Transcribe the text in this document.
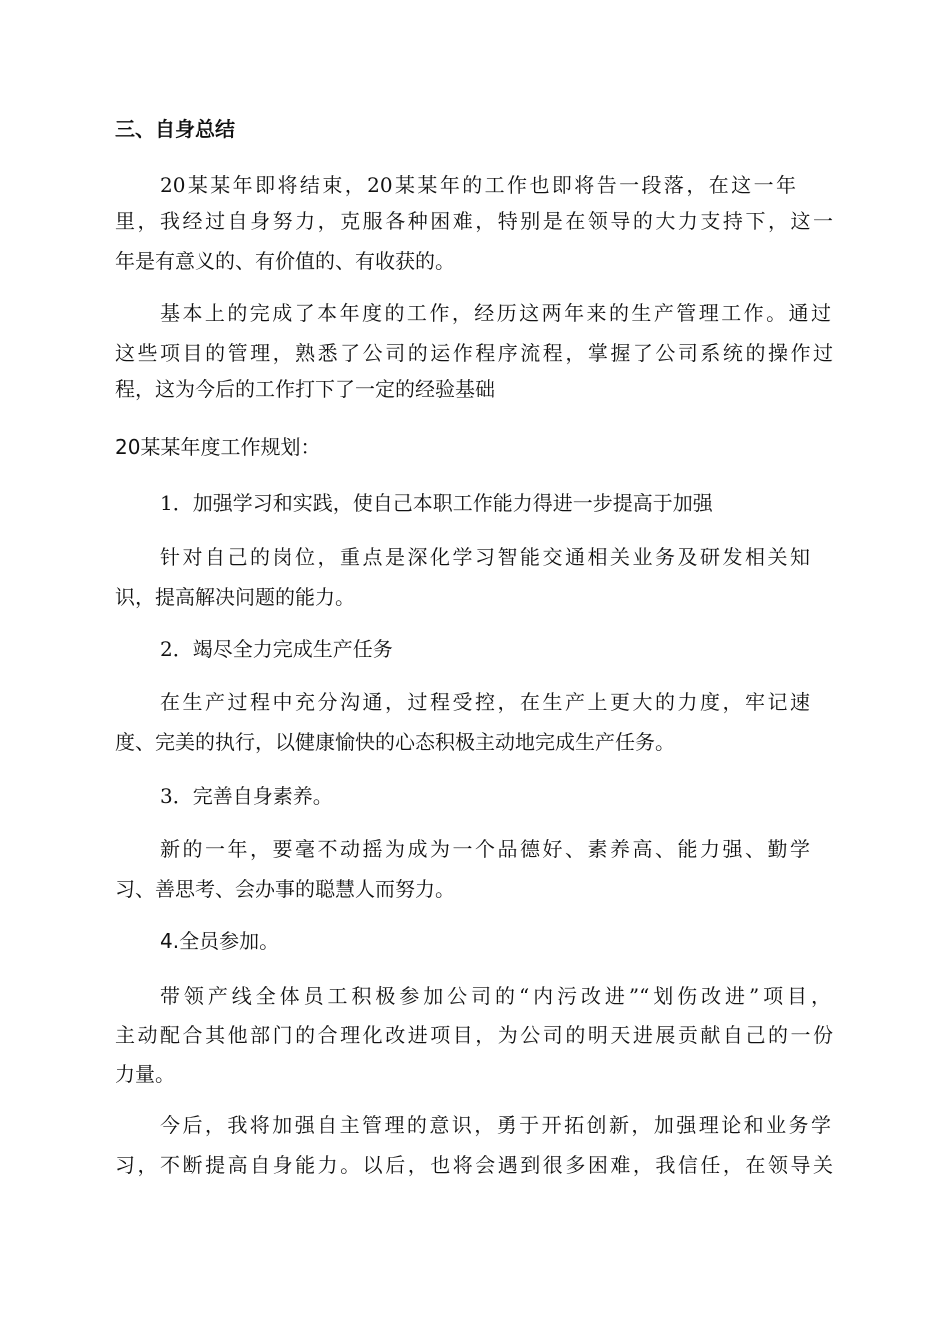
三、自身总结
20某某年即将结束，20某某年的工作也即将告一段落，在这一年
里，我经过自身努力，克服各种困难，特别是在领导的大力支持下，这一
年是有意义的、有价值的、有收获的。
基本上的完成了本年度的工作，经历这两年来的生产管理工作。通过
这些项目的管理，熟悉了公司的运作程序流程，掌握了公司系统的操作过
程，这为今后的工作打下了一定的经验基础
20某某年度工作规划：
1．加强学习和实践，使自己本职工作能力得进一步提高于加强
针对自己的岗位，重点是深化学习智能交通相关业务及研发相关知
识，提高解决问题的能力。
2．竭尽全力完成生产任务
在生产过程中充分沟通，过程受控，在生产上更大的力度，牢记速
度、完美的执行，以健康愉快的心态积极主动地完成生产任务。
3．完善自身素养。
新的一年，要毫不动摇为成为一个品德好、素养高、能力强、勤学
习、善思考、会办事的聪慧人而努力。
4.全员参加。
带领产线全体员工积极参加公司的“内污改进”“划伤改进”项目，
主动配合其他部门的合理化改进项目，为公司的明天进展贡献自己的一份
力量。
今后，我将加强自主管理的意识，勇于开拓创新，加强理论和业务学
习，不断提高自身能力。以后，也将会遇到很多困难，我信任，在领导关
